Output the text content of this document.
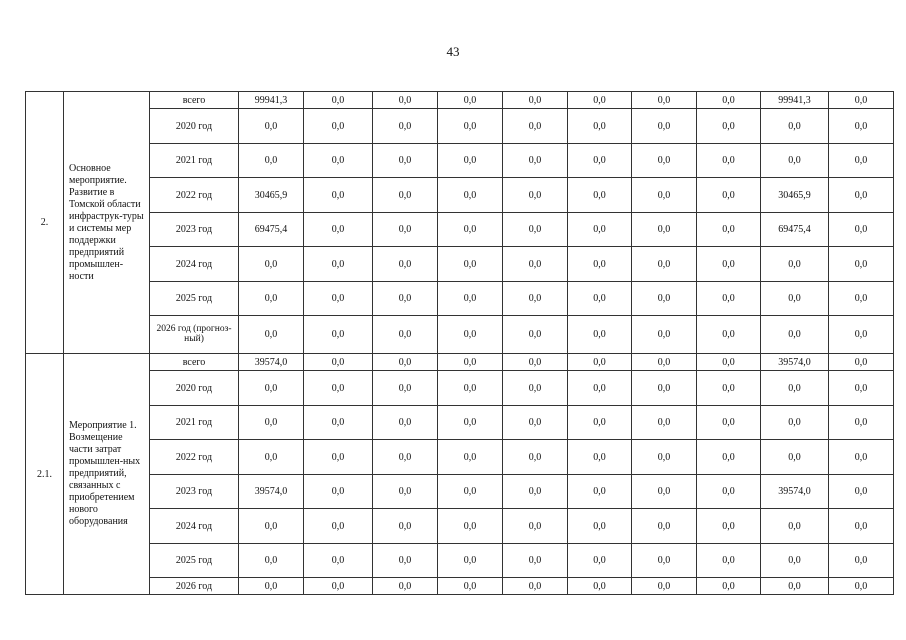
43
2.	Основное мероприятие. Развитие в Томской области инфраструк-туры и системы мер поддержки предприятий промышлен-ности	всего	99941,3	0,0	0,0	0,0	0,0	0,0	0,0	0,0	99941,3	0,0
		2020 год	0,0	0,0	0,0	0,0	0,0	0,0	0,0	0,0	0,0	0,0
		2021 год	0,0	0,0	0,0	0,0	0,0	0,0	0,0	0,0	0,0	0,0
		2022 год	30465,9	0,0	0,0	0,0	0,0	0,0	0,0	0,0	30465,9	0,0
		2023 год	69475,4	0,0	0,0	0,0	0,0	0,0	0,0	0,0	69475,4	0,0
		2024 год	0,0	0,0	0,0	0,0	0,0	0,0	0,0	0,0	0,0	0,0
		2025 год	0,0	0,0	0,0	0,0	0,0	0,0	0,0	0,0	0,0	0,0

		2026 год (прогноз-ный)	0,0	0,0	0,0	0,0	0,0	0,0	0,0	0,0	0,0	0,0
2.1.	Мероприятие 1. Возмещение части затрат промышлен-ных предприятий, связанных с приобретением нового оборудования	всего	39574,0	0,0	0,0	0,0	0,0	0,0	0,0	0,0	39574,0	0,0
		2020 год	0,0	0,0	0,0	0,0	0,0	0,0	0,0	0,0	0,0	0,0
		2021 год	0,0	0,0	0,0	0,0	0,0	0,0	0,0	0,0	0,0	0,0
		2022 год	0,0	0,0	0,0	0,0	0,0	0,0	0,0	0,0	0,0	0,0
		2023 год	39574,0	0,0	0,0	0,0	0,0	0,0	0,0	0,0	39574,0	0,0
		2024 год	0,0	0,0	0,0	0,0	0,0	0,0	0,0	0,0	0,0	0,0
		2025 год	0,0	0,0	0,0	0,0	0,0	0,0	0,0	0,0	0,0	0,0
		2026 год	0,0	0,0	0,0	0,0	0,0	0,0	0,0	0,0	0,0	0,0
